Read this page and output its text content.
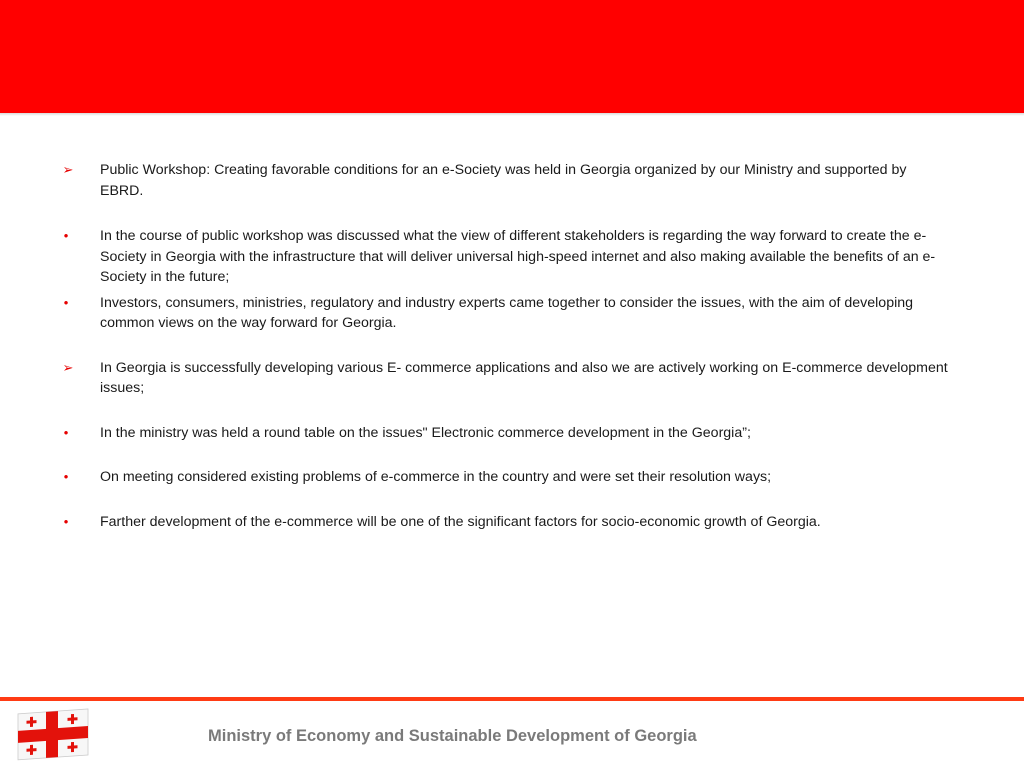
➢	Public Workshop: Creating favorable conditions for an e-Society was held in Georgia organized by our Ministry and supported by EBRD.
•	In the course of public workshop was discussed what the view of different stakeholders is regarding the way forward to create the e-Society in Georgia with the infrastructure that will deliver universal high-speed internet and also making available the benefits of an e-Society in the future;
•	Investors, consumers, ministries, regulatory and industry experts came together to consider the issues, with the aim of developing common views on the way forward for Georgia.
➢	In Georgia is successfully developing various E- commerce applications and also we are actively working on E-commerce development issues;
•	In the ministry was held a round table on the issues" Electronic commerce development in the Georgia”;
•	On meeting considered existing problems of e-commerce in the country and were set their resolution ways;
•	Farther development of the e-commerce will be one of the significant factors for socio-economic growth of Georgia.
Ministry of Economy and Sustainable Development of Georgia
